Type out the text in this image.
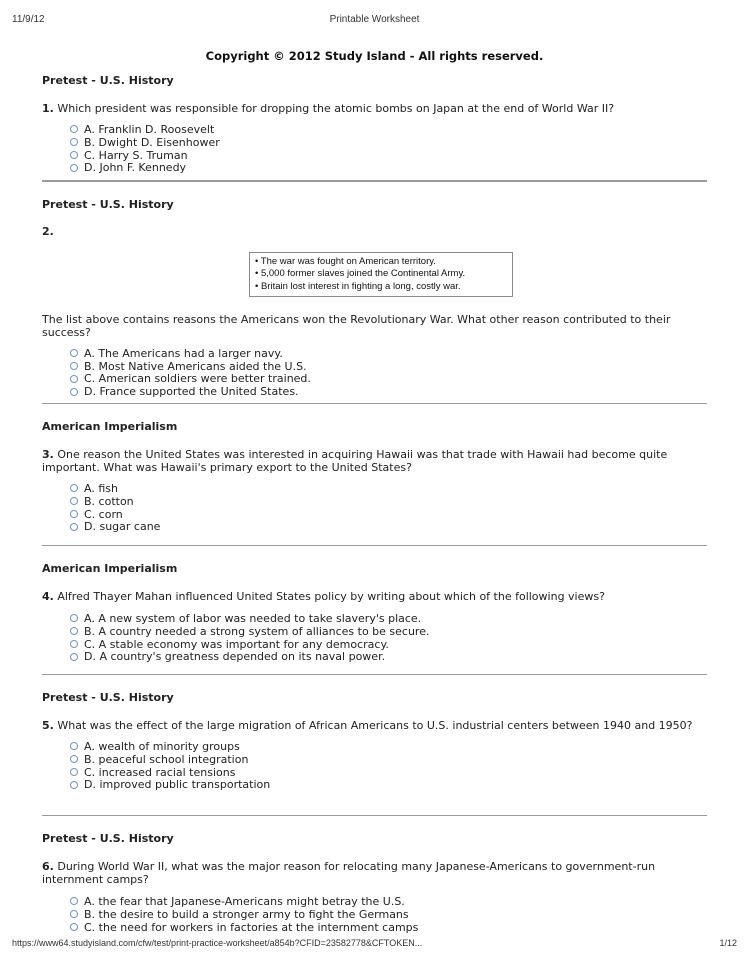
11/9/12	Printable Worksheet
Copyright © 2012 Study Island - All rights reserved.
Pretest - U.S. History
1. Which president was responsible for dropping the atomic bombs on Japan at the end of World War II?
A. Franklin D. Roosevelt
B. Dwight D. Eisenhower
C. Harry S. Truman
D. John F. Kennedy
Pretest - U.S. History
2.
• The war was fought on American territory.
• 5,000 former slaves joined the Continental Army.
• Britain lost interest in fighting a long, costly war.
The list above contains reasons the Americans won the Revolutionary War. What other reason contributed to their success?
A. The Americans had a larger navy.
B. Most Native Americans aided the U.S.
C. American soldiers were better trained.
D. France supported the United States.
American Imperialism
3. One reason the United States was interested in acquiring Hawaii was that trade with Hawaii had become quite important. What was Hawaii's primary export to the United States?
A. fish
B. cotton
C. corn
D. sugar cane
American Imperialism
4. Alfred Thayer Mahan influenced United States policy by writing about which of the following views?
A. A new system of labor was needed to take slavery's place.
B. A country needed a strong system of alliances to be secure.
C. A stable economy was important for any democracy.
D. A country's greatness depended on its naval power.
Pretest - U.S. History
5. What was the effect of the large migration of African Americans to U.S. industrial centers between 1940 and 1950?
A. wealth of minority groups
B. peaceful school integration
C. increased racial tensions
D. improved public transportation
Pretest - U.S. History
6. During World War II, what was the major reason for relocating many Japanese-Americans to government-run internment camps?
A. the fear that Japanese-Americans might betray the U.S.
B. the desire to build a stronger army to fight the Germans
C. the need for workers in factories at the internment camps
https://www64.studyisland.com/cfw/test/print-practice-worksheet/a854b?CFID=23582778&CFTOKEN...	1/12
